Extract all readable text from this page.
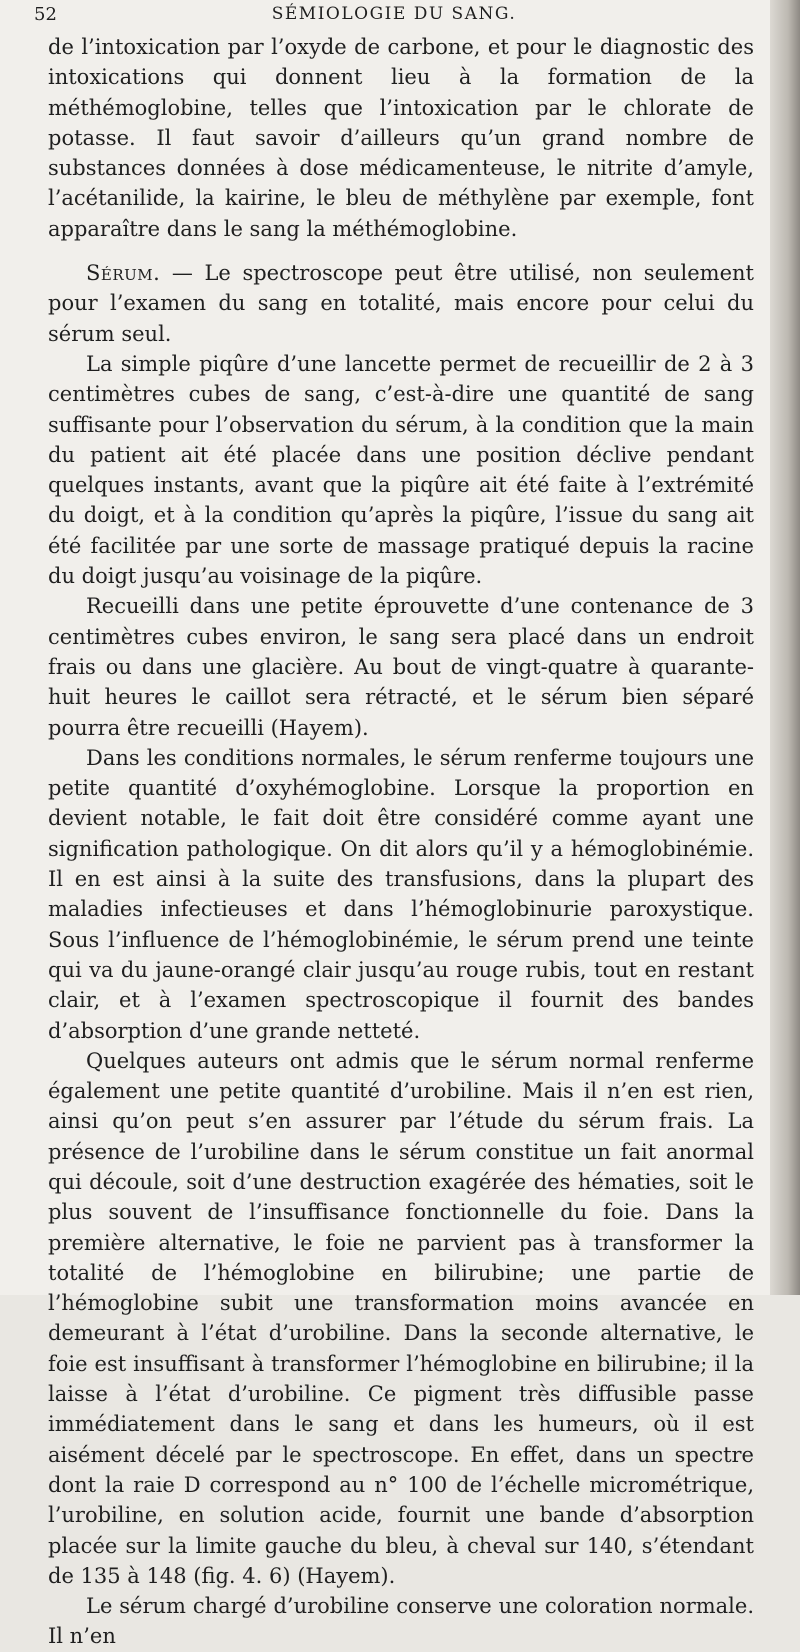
52	SÉMIOLOGIE DU SANG.

de l’intoxication par l’oxyde de carbone, et pour le diagnostic des intoxications qui donnent lieu à la formation de la méthémoglobine, telles que l’intoxication par le chlorate de potasse. Il faut savoir d’ailleurs qu’un grand nombre de substances données à dose médicamenteuse, le nitrite d’amyle, l’acétanilide, la kairine, le bleu de méthylène par exemple, font apparaître dans le sang la méthémoglobine.

Sérum. — Le spectroscope peut être utilisé, non seulement pour l’examen du sang en totalité, mais encore pour celui du sérum seul.

La simple piqûre d’une lancette permet de recueillir de 2 à 3 centimètres cubes de sang, c’est-à-dire une quantité de sang suffisante pour l’observation du sérum, à la condition que la main du patient ait été placée dans une position déclive pendant quelques instants, avant que la piqûre ait été faite à l’extrémité du doigt, et à la condition qu’après la piqûre, l’issue du sang ait été facilitée par une sorte de massage pratiqué depuis la racine du doigt jusqu’au voisinage de la piqûre.

Recueilli dans une petite éprouvette d’une contenance de 3 centimètres cubes environ, le sang sera placé dans un endroit frais ou dans une glacière. Au bout de vingt-quatre à quarante-huit heures le caillot sera rétracté, et le sérum bien séparé pourra être recueilli (Hayem).

Dans les conditions normales, le sérum renferme toujours une petite quantité d’oxyhémoglobine. Lorsque la proportion en devient notable, le fait doit être considéré comme ayant une signification pathologique. On dit alors qu’il y a hémoglobinémie. Il en est ainsi à la suite des transfusions, dans la plupart des maladies infectieuses et dans l’hémoglobinurie paroxystique. Sous l’influence de l’hémoglobinémie, le sérum prend une teinte qui va du jaune-orangé clair jusqu’au rouge rubis, tout en restant clair, et à l’examen spectroscopique il fournit des bandes d’absorption d’une grande netteté.

Quelques auteurs ont admis que le sérum normal renferme également une petite quantité d’urobiline. Mais il n’en est rien, ainsi qu’on peut s’en assurer par l’étude du sérum frais. La présence de l’urobiline dans le sérum constitue un fait anormal qui découle, soit d’une destruction exagérée des hématies, soit le plus souvent de l’insuffisance fonctionnelle du foie. Dans la première alternative, le foie ne parvient pas à transformer la totalité de l’hémoglobine en bilirubine; une partie de l’hémoglobine subit une transformation moins avancée en demeurant à l’état d’urobiline. Dans la seconde alternative, le foie est insuffisant à transformer l’hémoglobine en bilirubine; il la laisse à l’état d’urobiline. Ce pigment très diffusible passe immédiatement dans le sang et dans les humeurs, où il est aisément décelé par le spectroscope. En effet, dans un spectre dont la raie D correspond au n° 100 de l’échelle micrométrique, l’urobiline, en solution acide, fournit une bande d’absorption placée sur la limite gauche du bleu, à cheval sur 140, s’étendant de 135 à 148 (fig. 4. 6) (Hayem).

Le sérum chargé d’urobiline conserve une coloration normale. Il n’en
